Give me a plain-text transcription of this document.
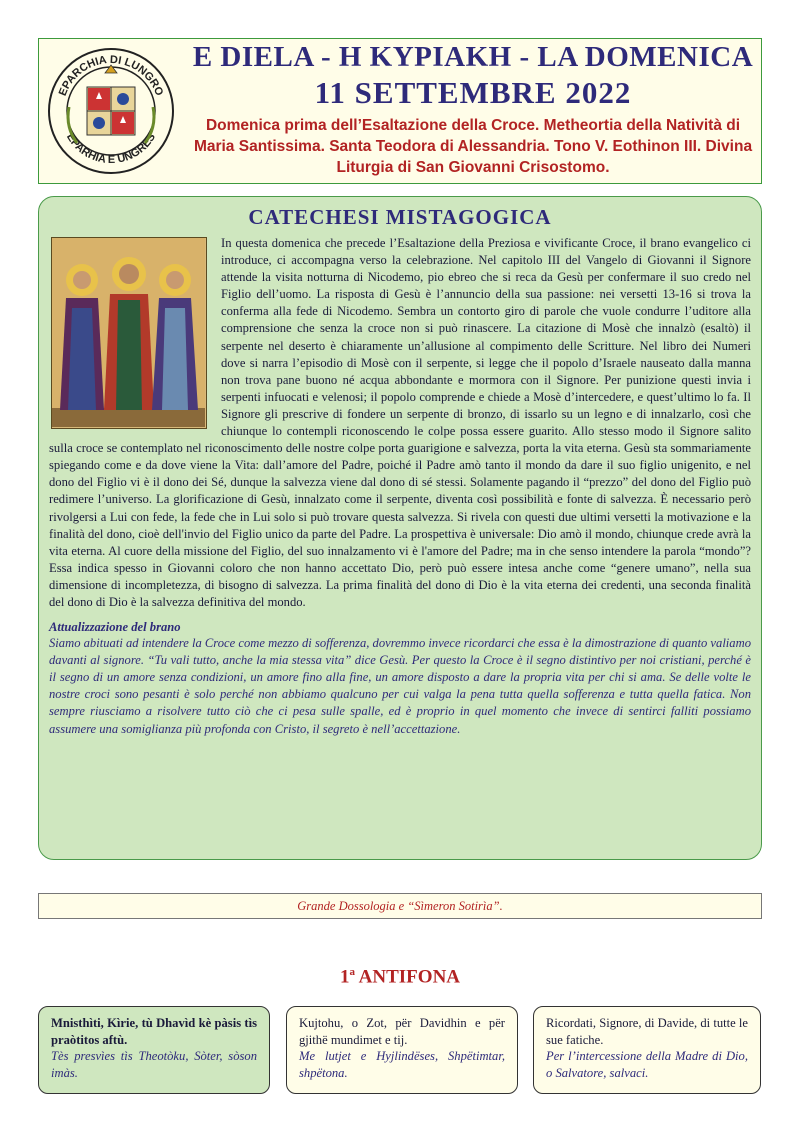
EPARCHIA DI LUNGRO
EPARHIA E UNGRES
E DIELA - Η ΚΥΡΙΑΚΗ - LA DOMENICA
11 SETTEMBRE 2022
Domenica prima dell’Esaltazione della Croce. Metheortia della Natività di Maria Santissima. Santa Teodora di Alessandria. Tono V. Eothinon III. Divina Liturgia di San Giovanni Crisostomo.
CATECHESI MISTAGOGICA
In questa domenica che precede l’Esaltazione della Preziosa e vivificante Croce, il brano evangelico ci introduce, ci accompagna verso la celebrazione. Nel capitolo III del Vangelo di Giovanni il Signore attende la visita notturna di Nicodemo, pio ebreo che si reca da Gesù per confermare il suo credo nel Figlio dell’uomo. La risposta di Gesù è l’annuncio della sua passione: nei versetti 13-16 si trova la conferma alla fede di Nicodemo. Sembra un contorto giro di parole che vuole condurre l’uditore alla comprensione che senza la croce non si può rinascere. La citazione di Mosè che innalzò (esaltò) il serpente nel deserto è chiaramente un’allusione al compimento delle Scritture. Nel libro dei Numeri dove si narra l’episodio di Mosè con il serpente, si legge che il popolo d’Israele nauseato dalla manna non trova pane buono né acqua abbondante e mormora con il Signore. Per punizione questi invia i serpenti infuocati e velenosi; il popolo comprende e chiede a Mosè d’intercedere, e quest’ultimo lo fa. Il Signore gli prescrive di fondere un serpente di bronzo, di issarlo su un legno e di innalzarlo, così che chiunque lo contempli riconoscendo le colpe possa essere guarito. Allo stesso modo il Signore salito sulla croce se contemplato nel riconoscimento delle nostre colpe porta guarigione e salvezza, porta la vita eterna. Gesù sta sommariamente spiegando come e da dove viene la Vita: dall’amore del Padre, poiché il Padre amò tanto il mondo da dare il suo figlio unigenito, e nel dono del Figlio vi è il dono dei Sé, dunque la salvezza viene dal dono di sé stessi. Solamente pagando il “prezzo” del dono del Figlio può redimere l’universo. La glorificazione di Gesù, innalzato come il serpente, diventa così possibilità e fonte di salvezza. È necessario però rivolgersi a Lui con fede, la fede che in Lui solo si può trovare questa salvezza. Si rivela con questi due ultimi versetti la motivazione e la finalità del dono, cioè dell'invio del Figlio unico da parte del Padre. La prospettiva è universale: Dio amò il mondo, chiunque crede avrà la vita eterna. Al cuore della missione del Figlio, del suo innalzamento vi è l'amore del Padre; ma in che senso intendere la parola “mondo”? Essa indica spesso in Giovanni coloro che non hanno accettato Dio, però può essere intesa anche come “genere umano”, nella sua dimensione di incompletezza, di bisogno di salvezza. La prima finalità del dono di Dio è la vita eterna dei credenti, una seconda finalità del dono di Dio è la salvezza definitiva del mondo.
Attualizzazione del brano
Siamo abituati ad intendere la Croce come mezzo di sofferenza, dovremmo invece ricordarci che essa è la dimostrazione di quanto valiamo davanti al signore. “Tu vali tutto, anche la mia stessa vita” dice Gesù. Per questo la Croce è il segno distintivo per noi cristiani, perché è il segno di un amore senza condizioni, un amore fino alla fine, un amore disposto a dare la propria vita per chi si ama. Se delle volte le nostre croci sono pesanti è solo perché non abbiamo qualcuno per cui valga la pena tutta quella sofferenza e tutta quella fatica. Non sempre riusciamo a risolvere tutto ciò che ci pesa sulle spalle, ed è proprio in quel momento che invece di sentirci falliti possiamo assumere una somiglianza più profonda con Cristo, il segreto è nell’accettazione.
Grande Dossologia e “Sìmeron Sotirìa”.
1$^a$ ANTIFONA
Mnisthìti, Kìrie, tù Dhavìd kè pàsis tìs praòtitos aftù.
Tès presvìes tìs Theotòku, Sòter, sòson imàs.
Kujtohu, o Zot, për Davidhin e për gjithë mundimet e tij.
Me lutjet e Hyjlindëses, Shpëtimtar, shpëtona.
Ricordati, Signore, di Davide, di tutte le sue fatiche.
Per l’intercessione della Madre di Dio, o Salvatore, salvaci.
